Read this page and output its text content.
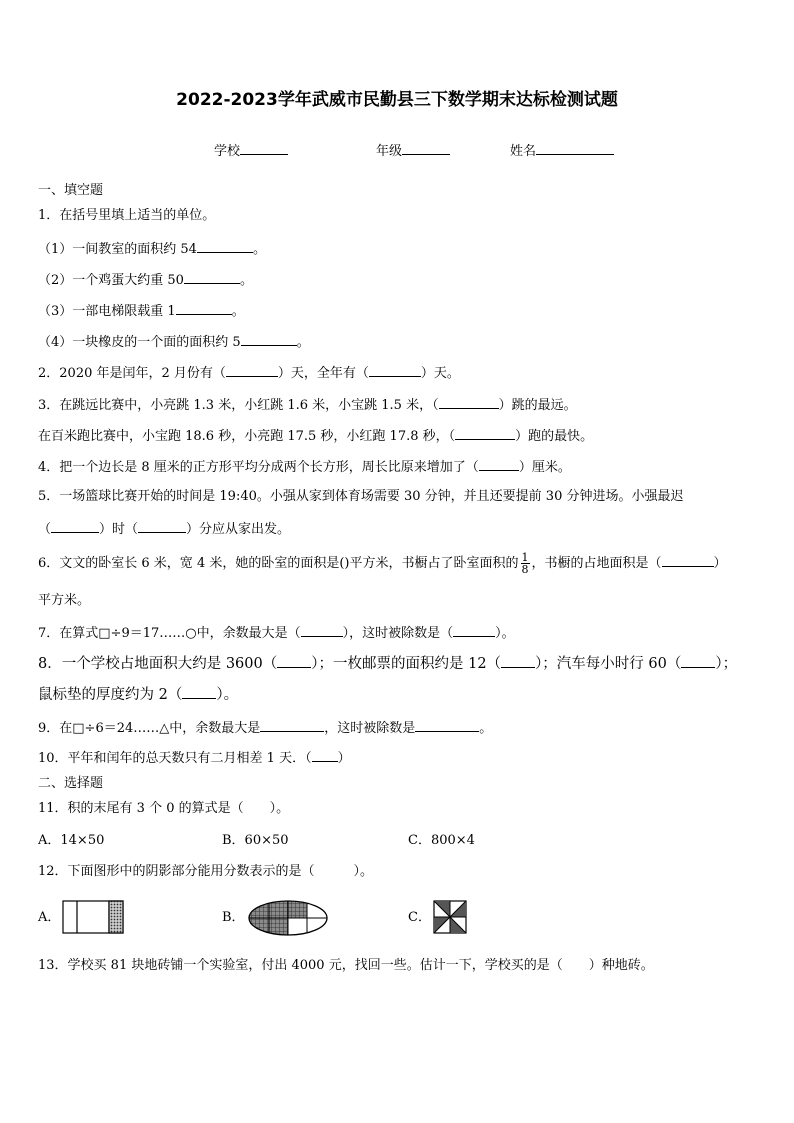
2022-2023学年武威市民勤县三下数学期末达标检测试题
学校	年级	姓名
一、填空题
1．在括号里填上适当的单位。
（1）一间教室的面积约 54	。
（2）一个鸡蛋大约重 50	。
（3）一部电梯限载重 1	。
（4）一块橡皮的一个面的面积约 5	。
2．2020 年是闰年，2 月份有（	）天，全年有（	）天。
3．在跳远比赛中，小亮跳 1.3 米，小红跳 1.6 米，小宝跳 1.5 米，（	）跳的最远。
在百米跑比赛中，小宝跑 18.6 秒，小亮跑 17.5 秒，小红跑 17.8 秒，（	）跑的最快。
4．把一个边长是 8 厘米的正方形平均分成两个长方形，周长比原来增加了（	）厘米。
5．一场篮球比赛开始的时间是 19:40。小强从家到体育场需要 30 分钟，并且还要提前 30 分钟进场。小强最迟
（	）时（	）分应从家出发。
6．文文的卧室长 6 米，宽 4 米，她的卧室的面积是()平方米，书橱占了卧室面积的 $\frac{1}{8}$ ，书橱的占地面积是（	）
平方米。
7．在算式□÷9＝17……○中，余数最大是（	），这时被除数是（	）。
8．一个学校占地面积大约是 3600（ ）；一枚邮票的面积约是 12（ ）；汽车每小时行 60（ ）；
鼠标垫的厚度约为 2（ ）。
9．在□÷6＝24……△中，余数最大是	，这时被除数是	。
10．平年和闰年的总天数只有二月相差 1 天．（ ）
二、选择题
11．积的末尾有 3 个 0 的算式是（　　）。
A．14×50	B．60×50	C．800×4
12．下面图形中的阴影部分能用分数表示的是（　　　）。
A．	B．	C．
13．学校买 81 块地砖铺一个实验室，付出 4000 元，找回一些。估计一下，学校买的是（　　）种地砖。
